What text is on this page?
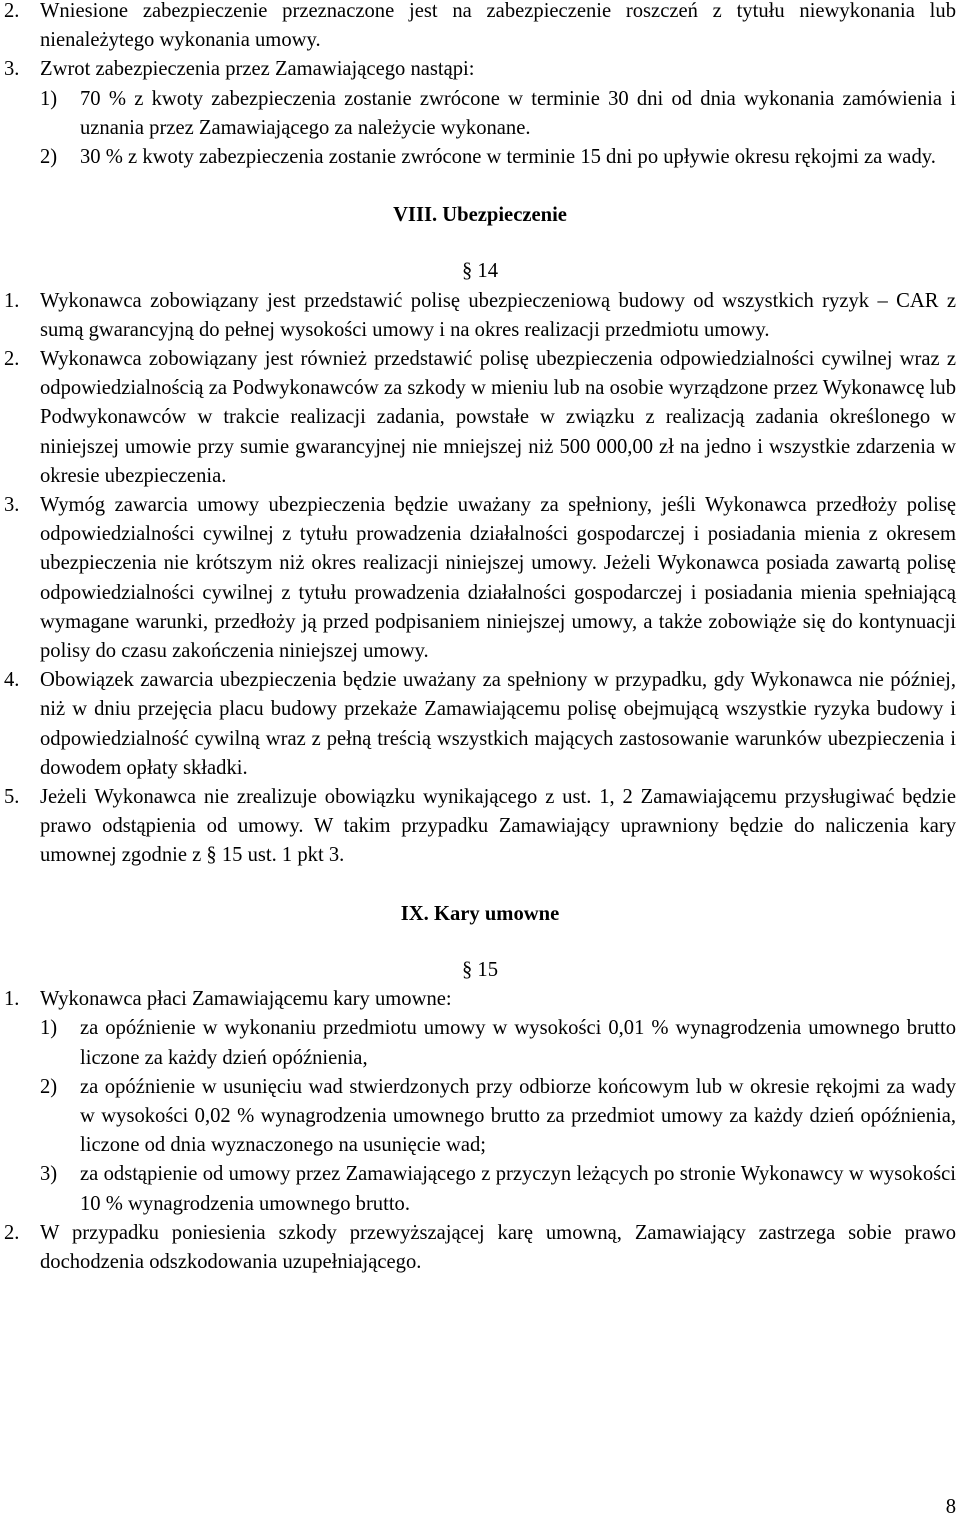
2. Wniesione zabezpieczenie przeznaczone jest na zabezpieczenie roszczeń z tytułu niewykonania lub nienależytego wykonania umowy.
3. Zwrot zabezpieczenia przez Zamawiającego nastąpi:
1)	70 % z kwoty zabezpieczenia zostanie zwrócone w terminie 30 dni od dnia wykonania zamówienia i uznania przez Zamawiającego za należycie wykonane.
2)	30 % z kwoty zabezpieczenia zostanie zwrócone w terminie 15 dni po upływie okresu rękojmi za wady.
VIII. Ubezpieczenie
§ 14
1. Wykonawca zobowiązany jest przedstawić polisę ubezpieczeniową budowy od wszystkich ryzyk – CAR z sumą gwarancyjną do pełnej wysokości umowy i na okres realizacji przedmiotu umowy.
2. Wykonawca zobowiązany jest również przedstawić polisę ubezpieczenia odpowiedzialności cywilnej wraz z odpowiedzialnością za Podwykonawców za szkody w mieniu lub na osobie wyrządzone przez Wykonawcę lub Podwykonawców w trakcie realizacji zadania, powstałe w związku z realizacją zadania określonego w niniejszej umowie przy sumie gwarancyjnej nie mniejszej niż 500 000,00 zł na jedno i wszystkie zdarzenia w okresie ubezpieczenia.
3. Wymóg zawarcia umowy ubezpieczenia będzie uważany za spełniony, jeśli Wykonawca przedłoży polisę odpowiedzialności cywilnej z tytułu prowadzenia działalności gospodarczej i posiadania mienia z okresem ubezpieczenia nie krótszym niż okres realizacji niniejszej umowy. Jeżeli Wykonawca posiada zawartą polisę odpowiedzialności cywilnej z tytułu prowadzenia działalności gospodarczej i posiadania mienia spełniającą wymagane warunki, przedłoży ją przed podpisaniem niniejszej umowy, a także zobowiąże się do kontynuacji polisy do czasu zakończenia niniejszej umowy.
4. Obowiązek zawarcia ubezpieczenia będzie uważany za spełniony w przypadku, gdy Wykonawca nie później, niż w dniu przejęcia placu budowy przekaże Zamawiającemu polisę obejmującą wszystkie ryzyka budowy i odpowiedzialność cywilną wraz z pełną treścią wszystkich mających zastosowanie warunków ubezpieczenia i dowodem opłaty składki.
5. Jeżeli Wykonawca nie zrealizuje obowiązku wynikającego z ust. 1, 2 Zamawiającemu przysługiwać będzie prawo odstąpienia od umowy. W takim przypadku Zamawiający uprawniony będzie do naliczenia kary umownej zgodnie z § 15 ust. 1 pkt 3.
IX. Kary umowne
§ 15
1. Wykonawca płaci Zamawiającemu kary umowne:
1)	za opóźnienie w wykonaniu przedmiotu umowy w wysokości 0,01 % wynagrodzenia umownego brutto liczone za każdy dzień opóźnienia,
2)	za opóźnienie w usunięciu wad stwierdzonych przy odbiorze końcowym lub w okresie rękojmi za wady w wysokości 0,02 % wynagrodzenia umownego brutto za przedmiot umowy za każdy dzień opóźnienia, liczone od dnia wyznaczonego na usunięcie wad;
3)	za odstąpienie od umowy przez Zamawiającego z przyczyn leżących po stronie Wykonawcy w wysokości 10 % wynagrodzenia umownego brutto.
2. W przypadku poniesienia szkody przewyższającej karę umowną, Zamawiający zastrzega sobie prawo dochodzenia odszkodowania uzupełniającego.
8
